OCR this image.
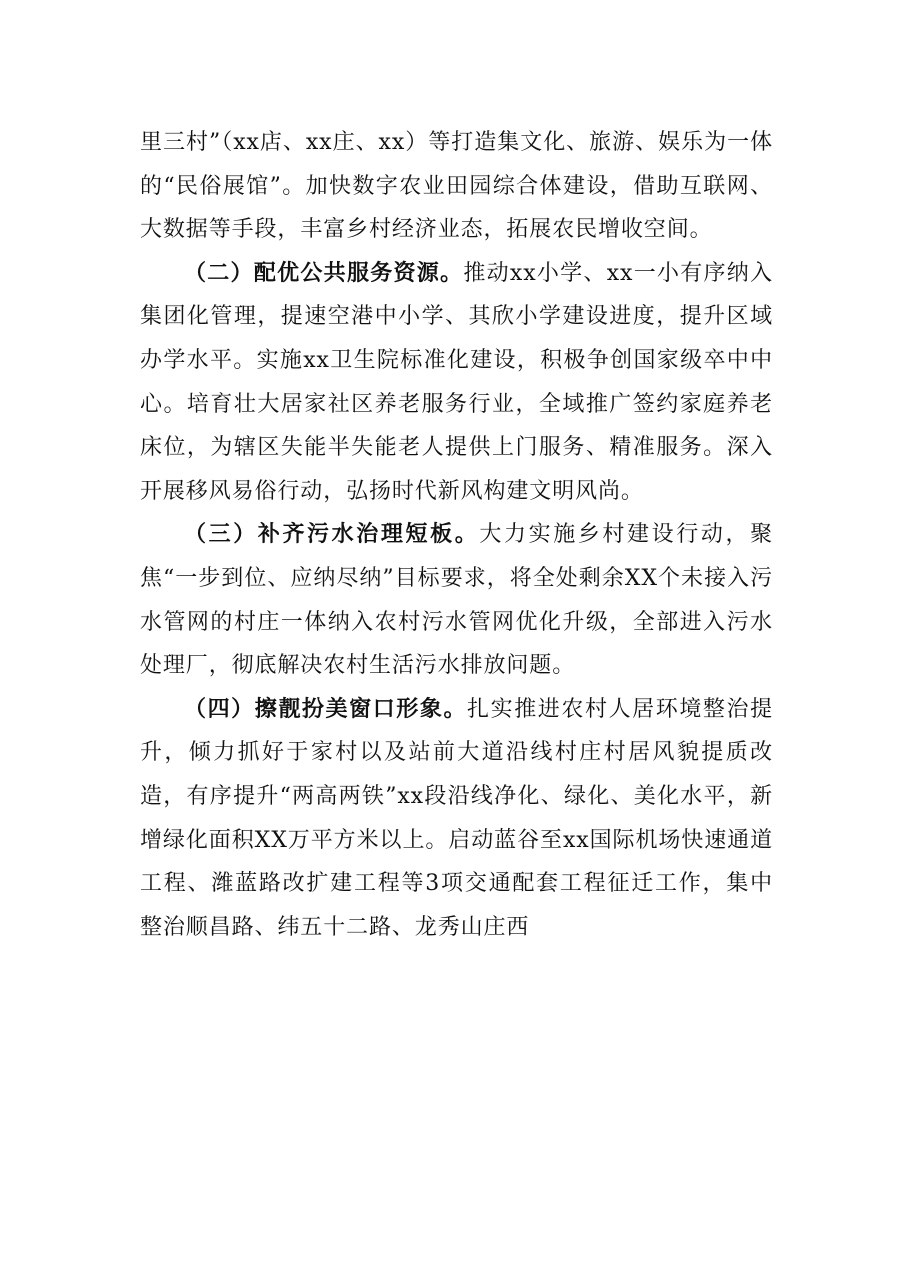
里三村”（xx店、xx庄、xx）等打造集文化、旅游、娱乐为一体的“民俗展馆”。加快数字农业田园综合体建设，借助互联网、大数据等手段，丰富乡村经济业态，拓展农民增收空间。

（二）配优公共服务资源。推动xx小学、xx一小有序纳入集团化管理，提速空港中小学、其欣小学建设进度，提升区域办学水平。实施xx卫生院标准化建设，积极争创国家级卒中中心。培育壮大居家社区养老服务行业，全域推广签约家庭养老床位，为辖区失能半失能老人提供上门服务、精准服务。深入开展移风易俗行动，弘扬时代新风构建文明风尚。

（三）补齐污水治理短板。大力实施乡村建设行动，聚焦“一步到位、应纳尽纳”目标要求，将全处剩余XX个未接入污水管网的村庄一体纳入农村污水管网优化升级，全部进入污水处理厂，彻底解决农村生活污水排放问题。

（四）擦靓扮美窗口形象。扎实推进农村人居环境整治提升，倾力抓好于家村以及站前大道沿线村庄村居风貌提质改造，有序提升“两高两铁”xx段沿线净化、绿化、美化水平，新增绿化面积XX万平方米以上。启动蓝谷至xx国际机场快速通道工程、潍蓝路改扩建工程等3项交通配套工程征迁工作，集中整治顺昌路、纬五十二路、龙秀山庄西
